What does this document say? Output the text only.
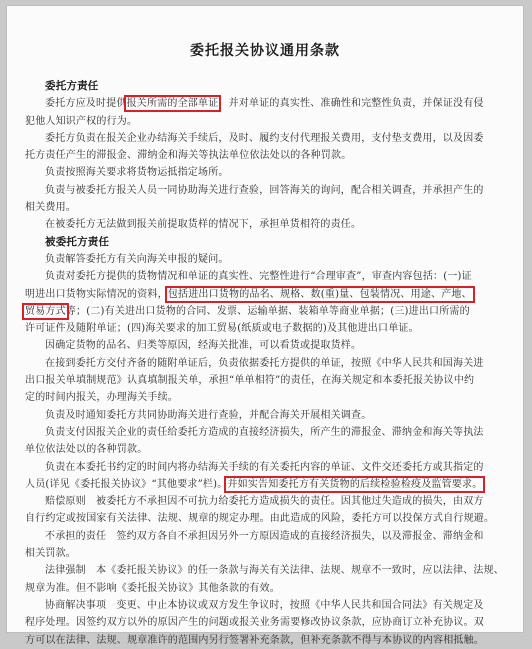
委托报关协议通用条款
委托方责任
委托方应及时提供报关所需的全部单证，并对单证的真实性、准确性和完整性负责，并保证没有侵
犯他人知识产权的行为。
委托方负责在报关企业办结海关手续后，及时、履约支付代理报关费用，支付垫支费用，以及因委
托方责任产生的滞报金、滞纳金和海关等执法单位依法处以的各种罚款。
负责按照海关要求将货物运抵指定场所。
负责与被委托方报关人员一同协助海关进行查验，回答海关的询问，配合相关调查，并承担产生的
相关费用。
在被委托方无法做到报关前提取货样的情况下，承担单货相符的责任。
被委托方责任
负责解答委托方有关向海关申报的疑问。
负责对委托方提供的货物情况和单证的真实性、完整性进行“合理审查”，审查内容包括：(一)证
明进出口货物实际情况的资料，包括进出口货物的品名、规格、数(重)量、包装情况、用途、产地、
贸易方式等；(二)有关进出口货物的合同、发票、运输单据、装箱单等商业单据；(三)进出口所需的
许可证件及随附单证；(四)海关要求的加工贸易(纸质或电子数据的)及其他进出口单证。
因确定货物的品名、归类等原因，经海关批准，可以看货或提取货样。
在接到委托方交付齐备的随附单证后，负责依据委托方提供的单证，按照《中华人民共和国海关进
出口报关单填制规范》认真填制报关单，承担“单单相符”的责任，在海关规定和本委托报关协议中约
定的时间内报关，办理海关手续。
负责及时通知委托方共同协助海关进行查验，并配合海关开展相关调查。
负责支付因报关企业的责任给委托方造成的直接经济损失，所产生的滞报金、滞纳金和海关等执法
单位依法处以的各种罚款。
负责在本委托书约定的时间内将办结海关手续的有关委托内容的单证、文件交还委托方或其指定的
人员(详见《委托报关协议》“其他要求”栏)。并如实告知委托方有关货物的后续检验检疫及监管要求。
赔偿原则　被委托方不承担因不可抗力给委托方造成损失的责任。因其他过失造成的损失，由双方
自行约定或按国家有关法律、法规、规章的规定办理。由此造成的风险，委托方可以投保方式自行规避。
不承担的责任　签约双方各自不承担因另外一方原因造成的直接经济损失，以及滞报金、滞纳金和
相关罚款。
法律强制　本《委托报关协议》的任一条款与海关有关法律、法规、规章不一致时，应以法律、法规、
规章为准。但不影响《委托报关协议》其他条款的有效。
协商解决事项　变更、中止本协议或双方发生争议时，按照《中华人民共和国合同法》有关规定及
程序处理。因签约双方以外的原因产生的问题或报关业务需要修改协议条款，应协商订立补充协议。双
方可以在法律、法规、规章准许的范围内另行签署补充条款，但补充条款不得与本协议的内容相抵触。
